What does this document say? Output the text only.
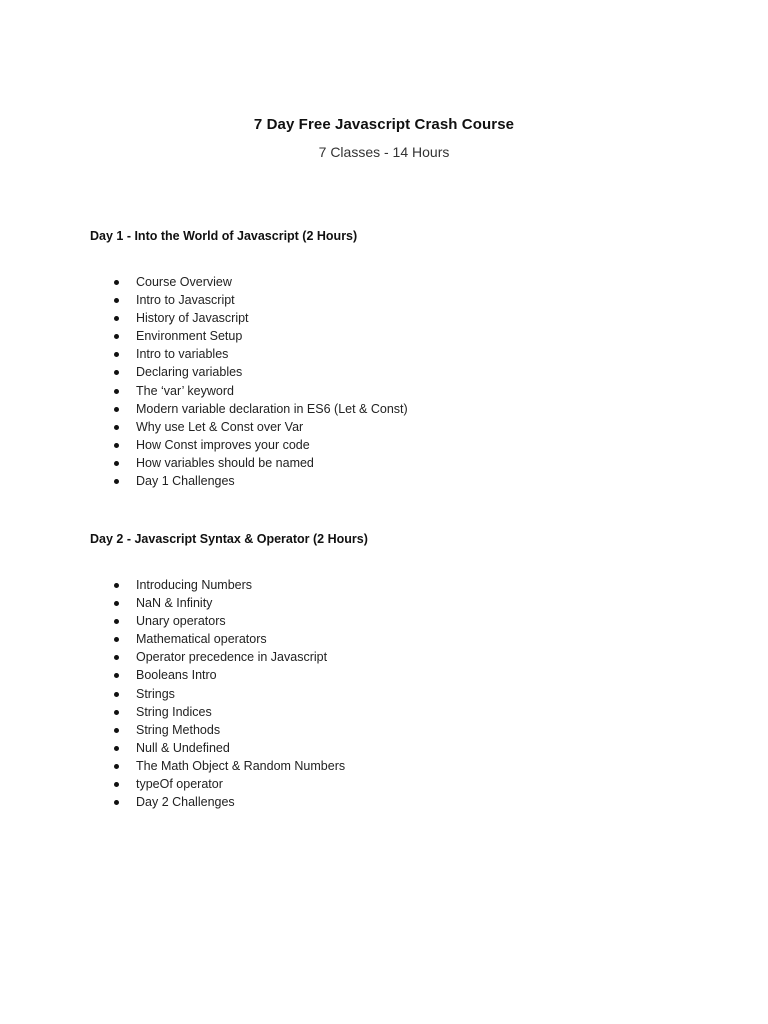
7 Day Free Javascript Crash Course
7 Classes - 14 Hours
Day 1 - Into the World of Javascript (2 Hours)
Course Overview
Intro to Javascript
History of Javascript
Environment Setup
Intro to variables
Declaring variables
The ‘var’ keyword
Modern variable declaration in ES6 (Let & Const)
Why use Let & Const over Var
How Const improves your code
How variables should be named
Day 1 Challenges
Day 2 - Javascript Syntax & Operator (2 Hours)
Introducing Numbers
NaN & Infinity
Unary operators
Mathematical operators
Operator precedence in Javascript
Booleans Intro
Strings
String Indices
String Methods
Null & Undefined
The Math Object & Random Numbers
typeOf operator
Day 2 Challenges
